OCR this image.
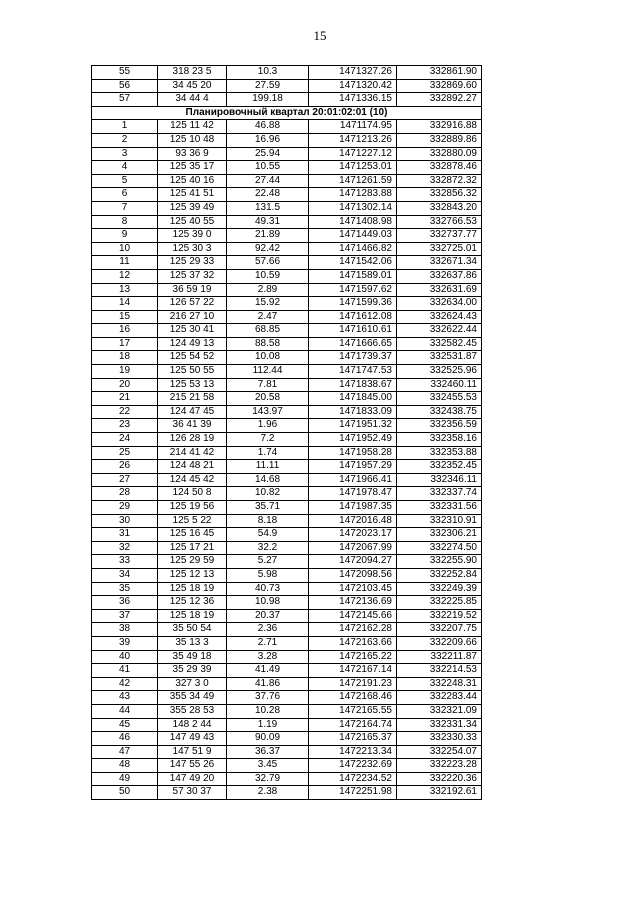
15
55	318 23 5	10.3	1471327.26	332861.90
56	34 45 20	27.59	1471320.42	332869.60
57	34 44 4	199.18	1471336.15	332892.27
Планировочный квартал 20:01:02:01 (10)				
1	125 11 42	46.88	1471174.95	332916.88
2	125 10 48	16.96	1471213.26	332889.86
3	93 36 9	25.94	1471227.12	332880.09
4	125 35 17	10.55	1471253.01	332878.46
5	125 40 16	27.44	1471261.59	332872.32
6	125 41 51	22.48	1471283.88	332856.32
7	125 39 49	131.5	1471302.14	332843.20
8	125 40 55	49.31	1471408.98	332766.53
9	125 39 0	21.89	1471449.03	332737.77
10	125 30 3	92.42	1471466.82	332725.01
11	125 29 33	57.66	1471542.06	332671.34
12	125 37 32	10.59	1471589.01	332637.86
13	36 59 19	2.89	1471597.62	332631.69
14	126 57 22	15.92	1471599.36	332634.00
15	216 27 10	2.47	1471612.08	332624.43
16	125 30 41	68.85	1471610.61	332622.44
17	124 49 13	88.58	1471666.65	332582.45
18	125 54 52	10.08	1471739.37	332531.87
19	125 50 55	112.44	1471747.53	332525.96
20	125 53 13	7.81	1471838.67	332460.11
21	215 21 58	20.58	1471845.00	332455.53
22	124 47 45	143.97	1471833.09	332438.75
23	36 41 39	1.96	1471951.32	332356.59
24	126 28 19	7.2	1471952.49	332358.16
25	214 41 42	1.74	1471958.28	332353.88
26	124 48 21	11.11	1471957.29	332352.45
27	124 45 42	14.68	1471966.41	332346.11
28	124 50 8	10.82	1471978.47	332337.74
29	125 19 56	35.71	1471987.35	332331.56
30	125 5 22	8.18	1472016.48	332310.91
31	125 16 45	54.9	1472023.17	332306.21
32	125 17 21	32.2	1472067.99	332274.50
33	125 29 59	5.27	1472094.27	332255.90
34	125 12 13	5.98	1472098.56	332252.84
35	125 18 19	40.73	1472103.45	332249.39
36	125 12 36	10.98	1472136.69	332225.85
37	125 18 19	20.37	1472145.66	332219.52
38	35 50 54	2.36	1472162.28	332207.75
39	35 13 3	2.71	1472163.66	332209.66
40	35 49 18	3.28	1472165.22	332211.87
41	35 29 39	41.49	1472167.14	332214.53
42	327 3 0	41.86	1472191.23	332248.31
43	355 34 49	37.76	1472168.46	332283.44
44	355 28 53	10.28	1472165.55	332321.09
45	148 2 44	1.19	1472164.74	332331.34
46	147 49 43	90.09	1472165.37	332330.33
47	147 51 9	36.37	1472213.34	332254.07
48	147 55 26	3.45	1472232.69	332223.28
49	147 49 20	32.79	1472234.52	332220.36
50	57 30 37	2.38	1472251.98	332192.61
